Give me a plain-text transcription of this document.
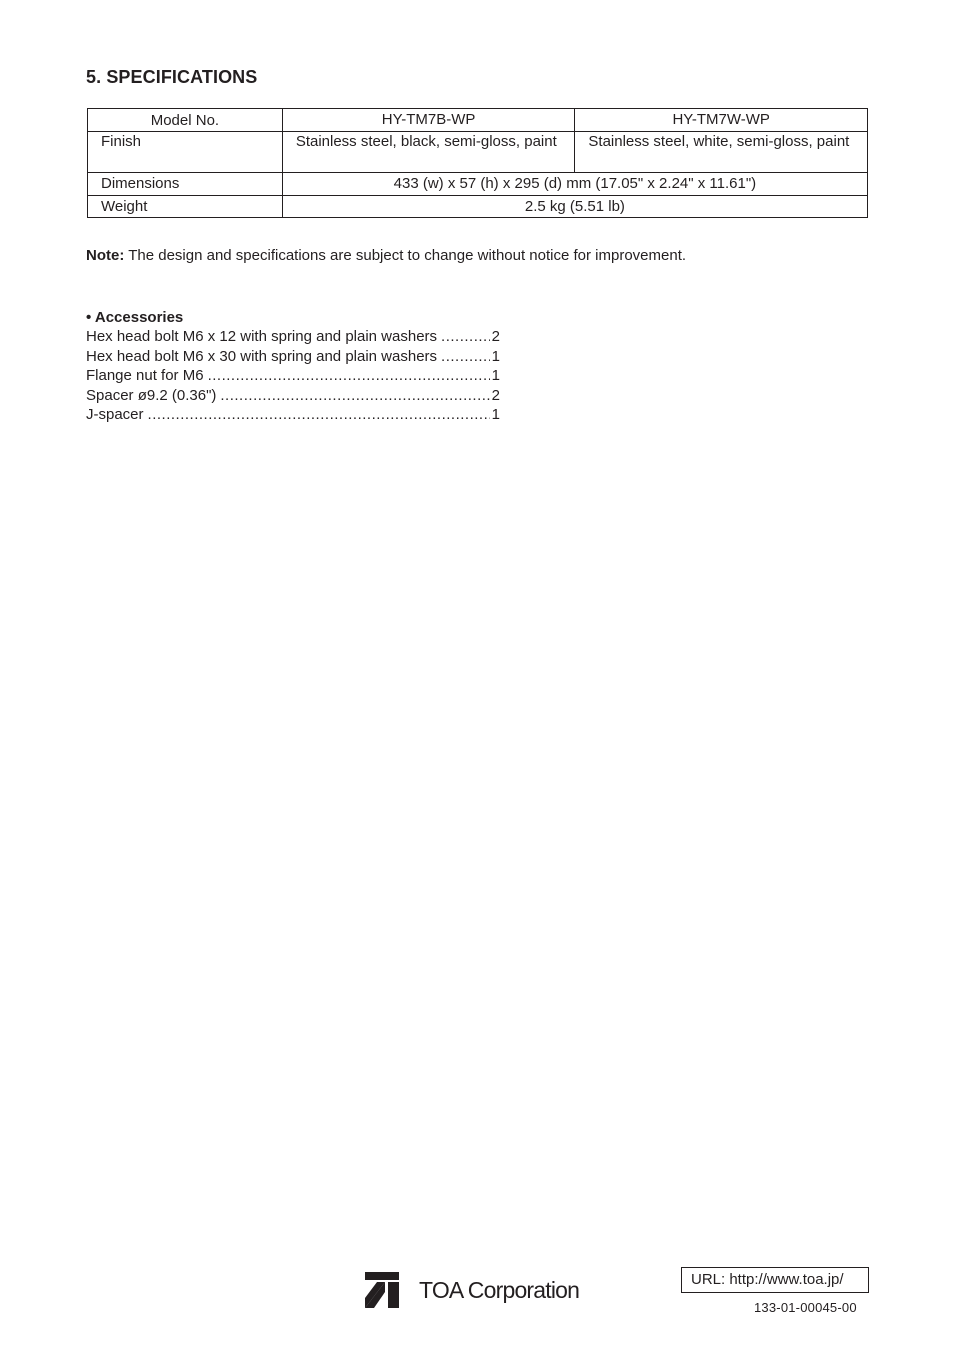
5. SPECIFICATIONS
Model No.	HY-TM7B-WP	HY-TM7W-WP
Finish	Stainless steel, black, semi-gloss, paint	Stainless steel, white, semi-gloss, paint
Dimensions	433 (w) x 57 (h) x 295 (d) mm (17.05" x 2.24" x 11.61")	
Weight	2.5 kg (5.51 lb)	
Note: The design and specifications are subject to change without notice for improvement.
• Accessories
Hex head bolt M6 x 12 with spring and plain washers .....	2
Hex head bolt M6 x 30 with spring and plain washers .....	1
Flange nut for M6 .....	1
Spacer ø9.2 (0.36") .....	2
J-spacer .....	1
TOA Corporation	URL: http://www.toa.jp/
133-01-00045-00
